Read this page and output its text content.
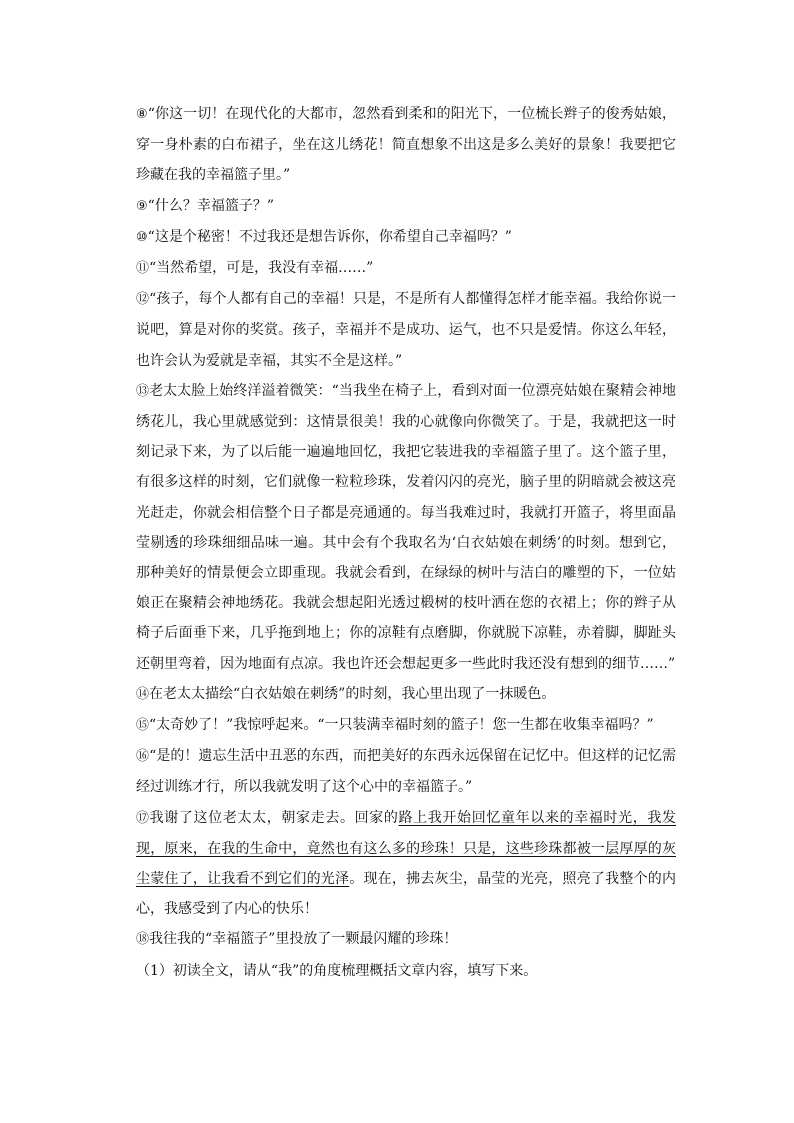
⑧“你这一切！在现代化的大都市，忽然看到柔和的阳光下，一位梳长辫子的俊秀姑娘，穿一身朴素的白布裙子，坐在这儿绣花！简直想象不出这是多么美好的景象！我要把它珍藏在我的幸福篮子里。”

⑨“什么？幸福篮子？”

⑩“这是个秘密！不过我还是想告诉你，你希望自己幸福吗？”

⑪“当然希望，可是，我没有幸福……”

⑫“孩子，每个人都有自己的幸福！只是，不是所有人都懂得怎样才能幸福。我给你说一说吧，算是对你的奖赏。孩子，幸福并不是成功、运气，也不只是爱情。你这么年轻，也许会认为爱就是幸福，其实不全是这样。”

⑬老太太脸上始终洋溢着微笑：“当我坐在椅子上，看到对面一位漂亮姑娘在聚精会神地绣花儿，我心里就感觉到：这情景很美！我的心就像向你微笑了。于是，我就把这一时刻记录下来，为了以后能一遍遍地回忆，我把它装进我的幸福篮子里了。这个篮子里，有很多这样的时刻，它们就像一粒粒珍珠，发着闪闪的亮光，脑子里的阴暗就会被这亮光赶走，你就会相信整个日子都是亮通通的。每当我难过时，我就打开篮子，将里面晶莹剔透的珍珠细细品味一遍。其中会有个我取名为‘白衣姑娘在刺绣’的时刻。想到它，那种美好的情景便会立即重现。我就会看到，在绿绿的树叶与洁白的雕塑的下，一位姑娘正在聚精会神地绣花。我就会想起阳光透过椴树的枝叶洒在您的衣裙上；你的辫子从椅子后面垂下来，几乎拖到地上；你的凉鞋有点磨脚，你就脱下凉鞋，赤着脚，脚趾头还朝里弯着，因为地面有点凉。我也许还会想起更多一些此时我还没有想到的细节……”

⑭在老太太描绘“白衣姑娘在刺绣”的时刻，我心里出现了一抹暖色。

⑮“太奇妙了！”我惊呼起来。“一只装满幸福时刻的篮子！您一生都在收集幸福吗？”

⑯“是的！遗忘生活中丑恶的东西，而把美好的东西永远保留在记忆中。但这样的记忆需经过训练才行，所以我就发明了这个心中的幸福篮子。”

⑰我谢了这位老太太，朝家走去。回家的路上我开始回忆童年以来的幸福时光，我发现，原来，在我的生命中，竟然也有这么多的珍珠！只是，这些珍珠都被一层厚厚的灰尘蒙住了，让我看不到它们的光泽。现在，拂去灰尘，晶莹的光亮，照亮了我整个的内心，我感受到了内心的快乐！

⑱我往我的“幸福篮子”里投放了一颗最闪耀的珍珠！

（1）初读全文，请从“我”的角度梳理概括文章内容，填写下来。
